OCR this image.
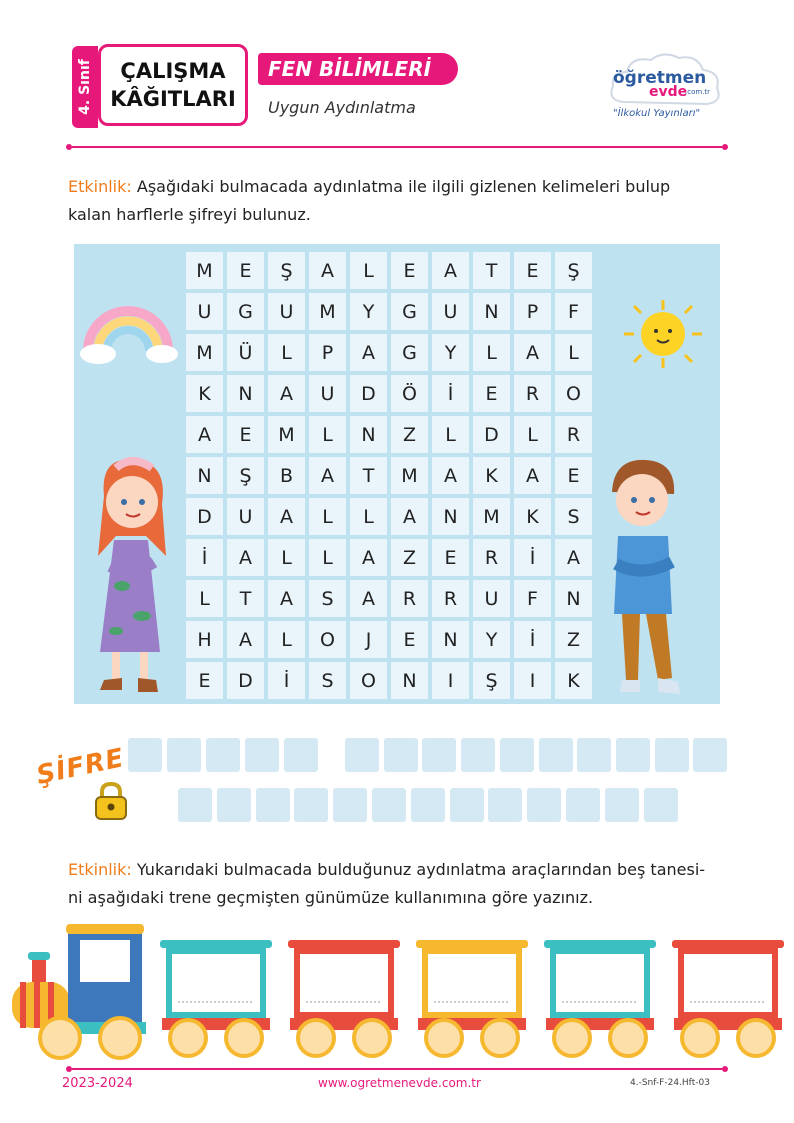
4. Sınıf	ÇALIŞMA
KÂĞITLARI
FEN BİLİMLERİ
Uygun Aydınlatma
öğretmen
evde
.com.tr
"İlkokul Yayınları"
Etkinlik: Aşağıdaki bulmacada aydınlatma ile ilgili gizlenen kelimeleri bulup
kalan harflerle şifreyi bulunuz.
M	E	Ş	A	L	E	A	T	E	Ş
U	G	U	M	Y	G	U	N	P	F
M	Ü	L	P	A	G	Y	L	A	L
K	N	A	U	D	Ö	İ	E	R	O
A	E	M	L	N	Z	L	D	L	R
N	Ş	B	A	T	M	A	K	A	E
D	U	A	L	L	A	N	M	K	S
İ	A	L	L	A	Z	E	R	İ	A
L	T	A	S	A	R	R	U	F	N
H	A	L	O	J	E	N	Y	İ	Z
E	D	İ	S	O	N	I	Ş	I	K
ŞİFRE
Etkinlik: Yukarıdaki bulmacada bulduğunuz aydınlatma araçlarından beş tanesi-
ni aşağıdaki trene geçmişten günümüze kullanımına göre yazınız.
2023-2024	www.ogretmenevde.com.tr	4.-Snf-F-24.Hft-03
